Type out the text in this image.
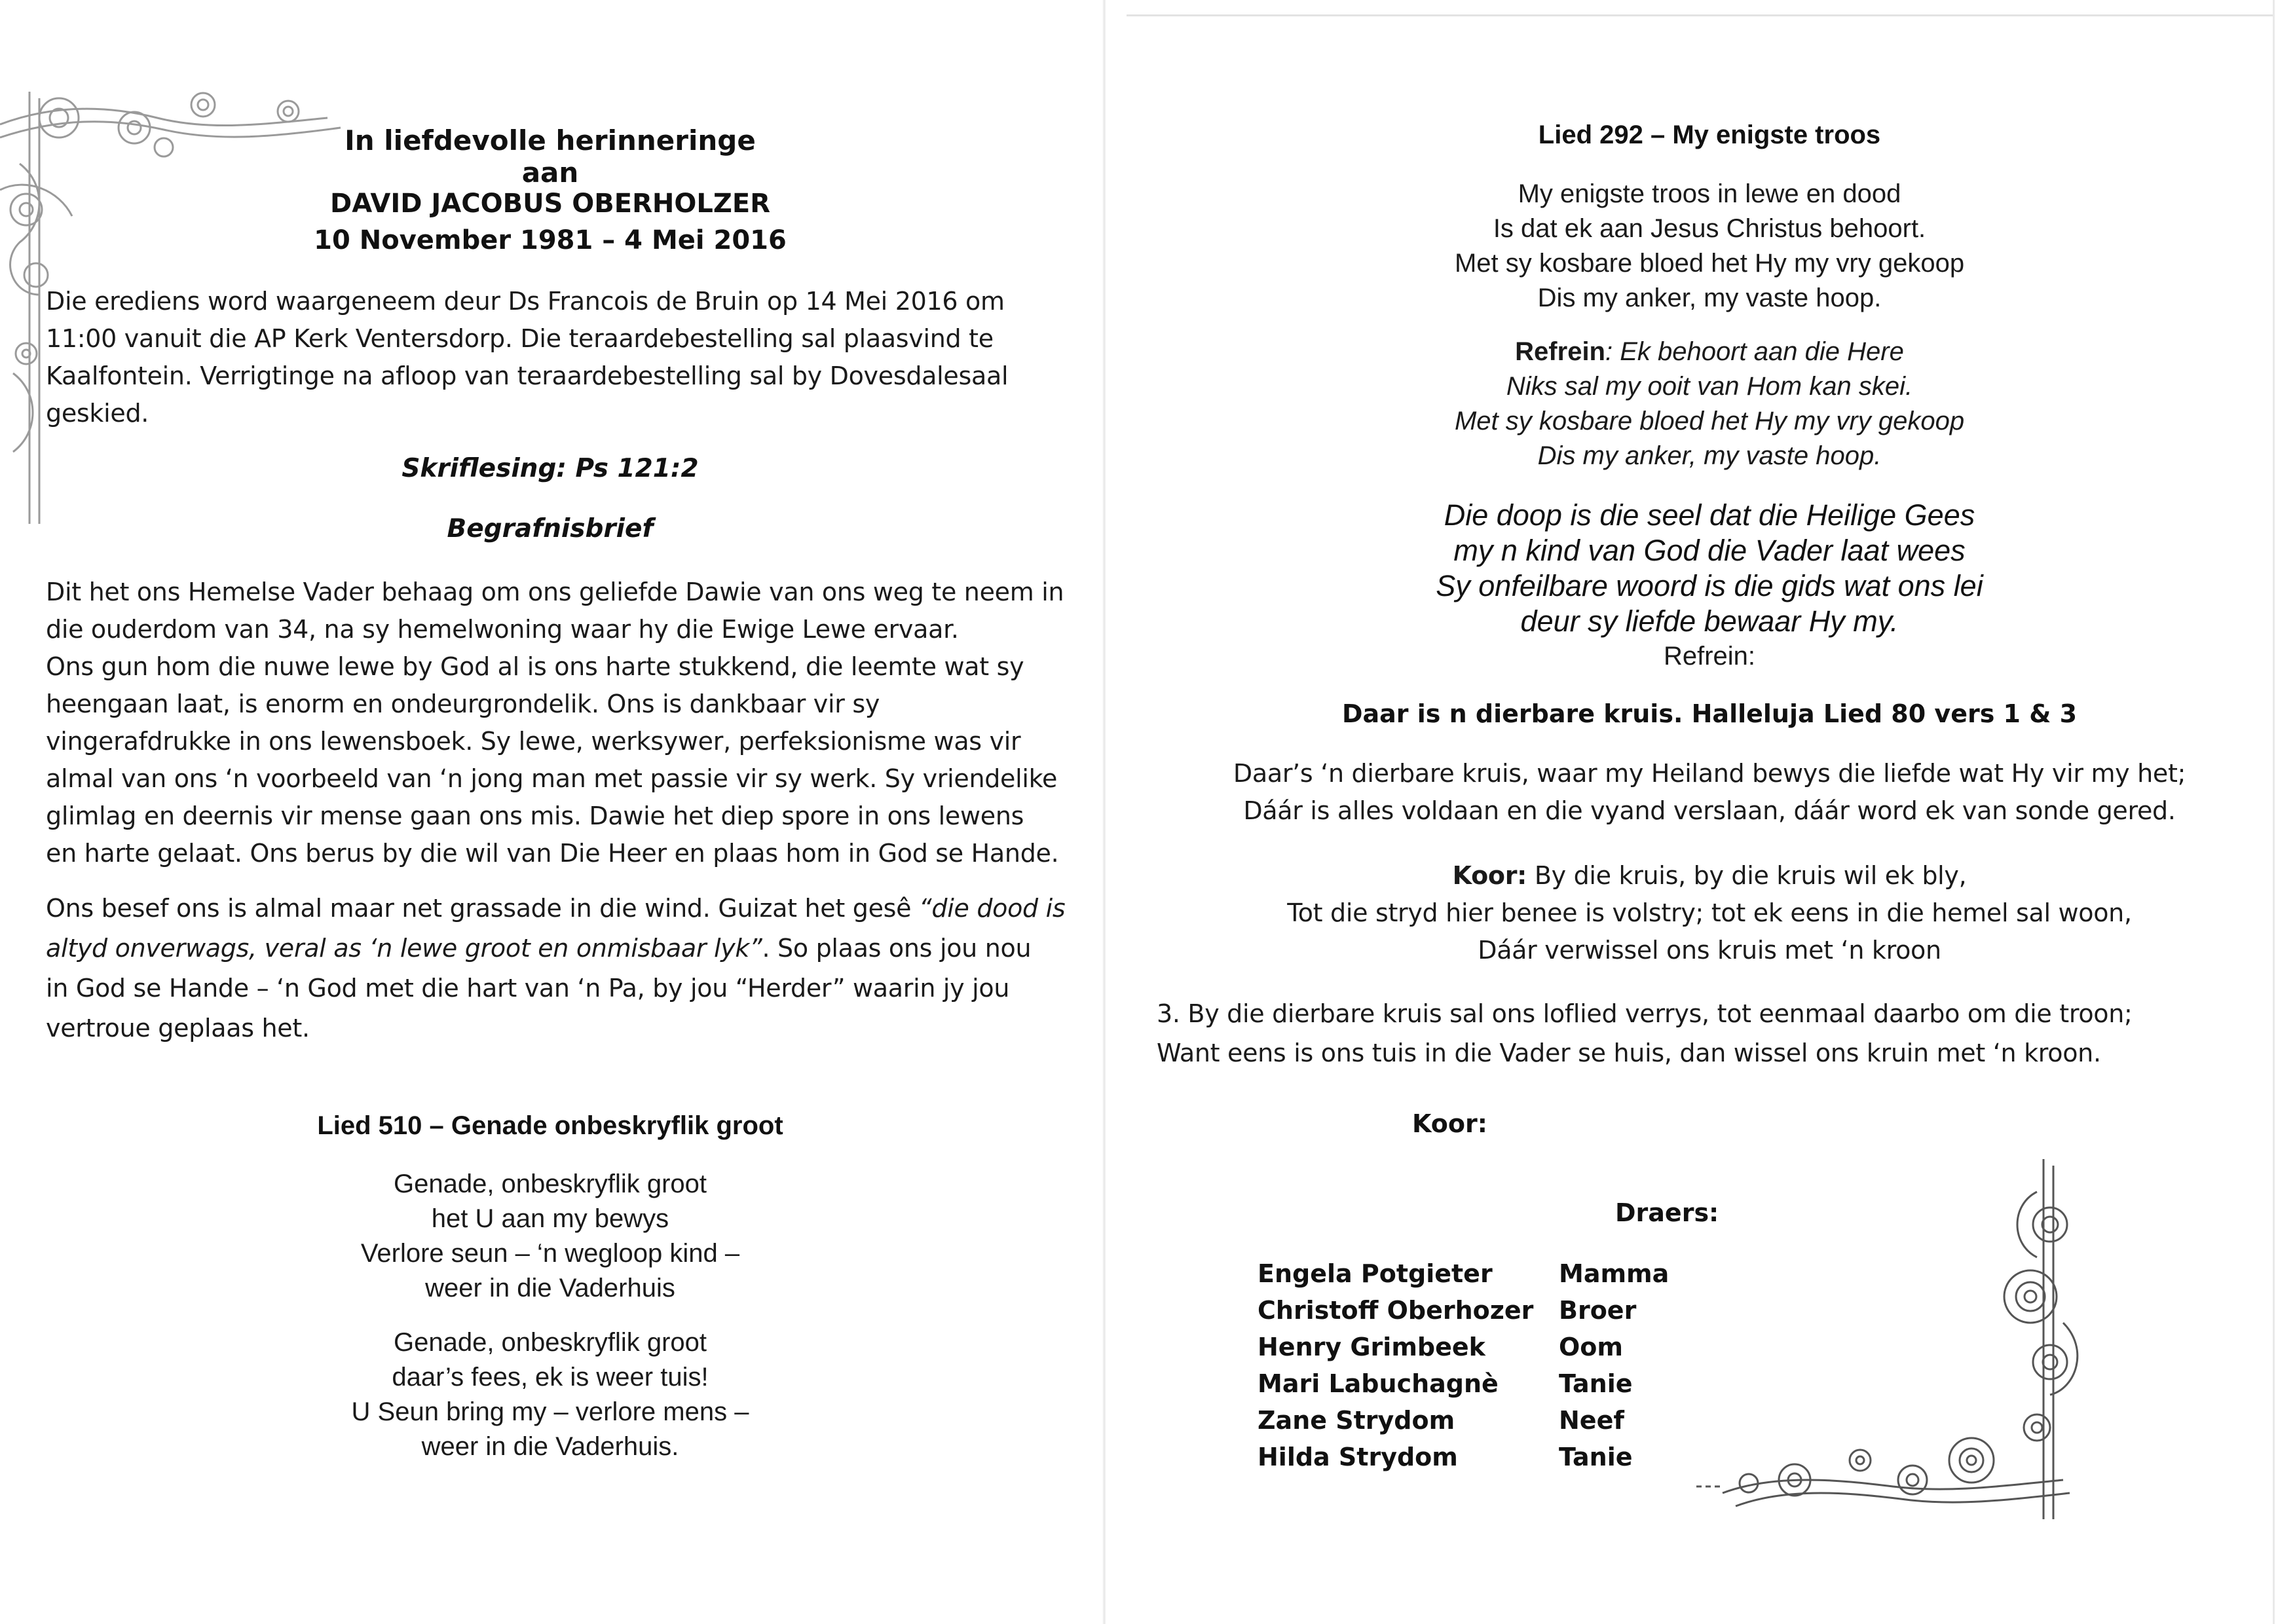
In liefdevolle herinneringe aan
DAVID JACOBUS OBERHOLZER
10 November 1981 – 4 Mei 2016
Die erediens word waargeneem deur Ds Francois de Bruin op 14 Mei 2016 om
11:00 vanuit die AP Kerk Ventersdorp. Die teraardebestelling sal plaasvind te
Kaalfontein. Verrigtinge na afloop van teraardebestelling sal by Dovesdalesaal
geskied.
Skriflesing: Ps 121:2
Begrafnisbrief
Dit het ons Hemelse Vader behaag om ons geliefde Dawie van ons weg te neem in
die ouderdom van 34, na sy hemelwoning waar hy die Ewige Lewe ervaar.
Ons gun hom die nuwe lewe by God al is ons harte stukkend, die leemte wat sy
heengaan laat, is enorm en ondeurgrondelik. Ons is dankbaar vir sy
vingerafdrukke in ons lewensboek. Sy lewe, werksywer, perfeksionisme was vir
almal van ons ‘n voorbeeld van ‘n jong man met passie vir sy werk. Sy vriendelike
glimlag en deernis vir mense gaan ons mis. Dawie het diep spore in ons lewens
en harte gelaat. Ons berus by die wil van Die Heer en plaas hom in God se Hande.
Ons besef ons is almal maar net grassade in die wind. Guizat het gesê “die dood is
altyd onverwags, veral as ‘n lewe groot en onmisbaar lyk”. So plaas ons jou nou
in God se Hande – ‘n God met die hart van ‘n Pa, by jou “Herder” waarin jy jou
vertroue geplaas het.
Lied 510 – Genade onbeskryflik groot
Genade, onbeskryflik groot
het U aan my bewys
Verlore seun – ‘n wegloop kind –
weer in die Vaderhuis
Genade, onbeskryflik groot
daar’s fees, ek is weer tuis!
U Seun bring my – verlore mens –
weer in die Vaderhuis.
Lied 292 – My enigste troos
My enigste troos in lewe en dood
Is dat ek aan Jesus Christus behoort.
Met sy kosbare bloed het Hy my vry gekoop
Dis my anker, my vaste hoop.
Refrein: Ek behoort aan die Here
Niks sal my ooit van Hom kan skei.
Met sy kosbare bloed het Hy my vry gekoop
Dis my anker, my vaste hoop.
Die doop is die seel dat die Heilige Gees
my n kind van God die Vader laat wees
Sy onfeilbare woord is die gids wat ons lei
deur sy liefde bewaar Hy my.
Refrein:
Daar is n dierbare kruis. Halleluja Lied 80 vers 1 & 3
Daar’s ‘n dierbare kruis, waar my Heiland bewys die liefde wat Hy vir my het;
Dáár is alles voldaan en die vyand verslaan, dáár word ek van sonde gered.
Koor: By die kruis, by die kruis wil ek bly,
Tot die stryd hier benee is volstry; tot ek eens in die hemel sal woon,
Dáár verwissel ons kruis met ‘n kroon
3. By die dierbare kruis sal ons loflied verrys, tot eenmaal daarbo om die troon;
Want eens is ons tuis in die Vader se huis, dan wissel ons kruin met ‘n kroon.
Koor:
Draers:
Engela Potgieter	Mamma
Christoff Oberhozer	Broer
Henry Grimbeek	Oom
Mari Labuchagnè	Tanie
Zane Strydom	Neef
Hilda Strydom	Tanie
